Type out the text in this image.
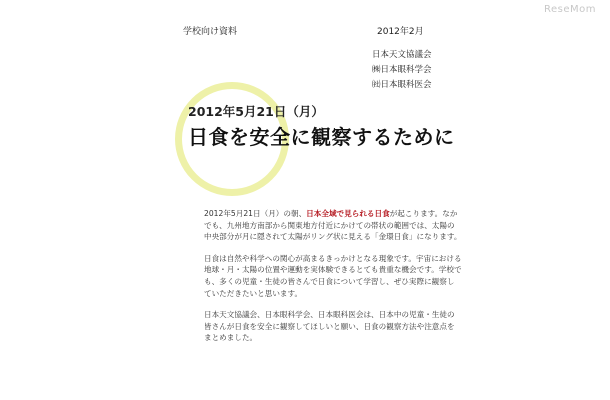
ReseMom
学校向け資料	2012年2月
日本天文協議会
㈱日本眼科学会
㈳日本眼科医会
2012年5月21日（月）
日食を安全に観察するために

2012年5月21日（月）の朝、日本全域で見られる日食が起こります。なかでも、九州地方南部から関東地方付近にかけての帯状の範囲では、太陽の中央部分が月に隠されて太陽がリング状に見える「金環日食」になります。

日食は自然や科学への関心が高まるきっかけとなる現象です。宇宙における地球・月・太陽の位置や運動を実体験できるとても貴重な機会です。学校でも、多くの児童・生徒の皆さんで日食について学習し、ぜひ実際に観察していただきたいと思います。

日本天文協議会、日本眼科学会、日本眼科医会は、日本中の児童・生徒の皆さんが日食を安全に観察してほしいと願い、日食の観察方法や注意点をまとめました。
